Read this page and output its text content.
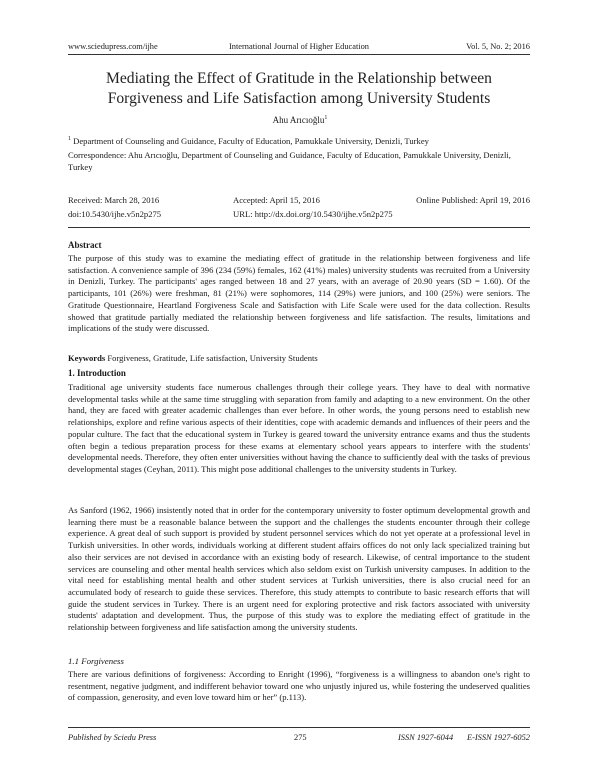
www.sciedupress.com/ijhe	International Journal of Higher Education	Vol. 5, No. 2; 2016
Mediating the Effect of Gratitude in the Relationship between
Forgiveness and Life Satisfaction among University Students
Ahu Arıcıoğlu$^1$
$^1$ Department of Counseling and Guidance, Faculty of Education, Pamukkale University, Denizli, Turkey
Correspondence: Ahu Arıcıoğlu, Department of Counseling and Guidance, Faculty of Education, Pamukkale University, Denizli, Turkey
Received: March 28, 2016	Accepted: April 15, 2016	Online Published: April 19, 2016
doi:10.5430/ijhe.v5n2p275	URL: http://dx.doi.org/10.5430/ijhe.v5n2p275
Abstract

The purpose of this study was to examine the mediating effect of gratitude in the relationship between forgiveness and life satisfaction. A convenience sample of 396 (234 (59%) females, 162 (41%) males) university students was recruited from a University in Denizli, Turkey. The participants' ages ranged between 18 and 27 years, with an average of 20.90 years (SD = 1.60). Of the participants, 101 (26%) were freshman, 81 (21%) were sophomores, 114 (29%) were juniors, and 100 (25%) were seniors. The Gratitude Questionnaire, Heartland Forgiveness Scale and Satisfaction with Life Scale were used for the data collection. Results showed that gratitude partially mediated the relationship between forgiveness and life satisfaction. The results, limitations and implications of the study were discussed.

Keywords Forgiveness, Gratitude, Life satisfaction, University Students
1. Introduction

Traditional age university students face numerous challenges through their college years. They have to deal with normative developmental tasks while at the same time struggling with separation from family and adapting to a new environment. On the other hand, they are faced with greater academic challenges than ever before. In other words, the young persons need to establish new relationships, explore and refine various aspects of their identities, cope with academic demands and influences of their peers and the popular culture. The fact that the educational system in Turkey is geared toward the university entrance exams and thus the students often begin a tedious preparation process for these exams at elementary school years appears to interfere with the students' developmental needs. Therefore, they often enter universities without having the chance to sufficiently deal with the tasks of previous developmental stages (Ceyhan, 2011). This might pose additional challenges to the university students in Turkey.

As Sanford (1962, 1966) insistently noted that in order for the contemporary university to foster optimum developmental growth and learning there must be a reasonable balance between the support and the challenges the students encounter through their college experience. A great deal of such support is provided by student personnel services which do not yet operate at a professional level in Turkish universities. In other words, individuals working at different student affairs offices do not only lack specialized training but also their services are not devised in accordance with an existing body of research. Likewise, of central importance to the student services are counseling and other mental health services which also seldom exist on Turkish university campuses. In addition to the vital need for establishing mental health and other student services at Turkish universities, there is also crucial need for an accumulated body of research to guide these services. Therefore, this study attempts to contribute to basic research efforts that will guide the student services in Turkey. There is an urgent need for exploring protective and risk factors associated with university students' adaptation and development. Thus, the purpose of this study was to explore the mediating effect of gratitude in the relationship between forgiveness and life satisfaction among the university students.

1.1 Forgiveness

There are various definitions of forgiveness: According to Enright (1996), “forgiveness is a willingness to abandon one's right to resentment, negative judgment, and indifferent behavior toward one who unjustly injured us, while fostering the undeserved qualities of compassion, generosity, and even love toward him or her” (p.113).

Published by Sciedu Press	275	ISSN 1927-6044 E-ISSN 1927-6052
